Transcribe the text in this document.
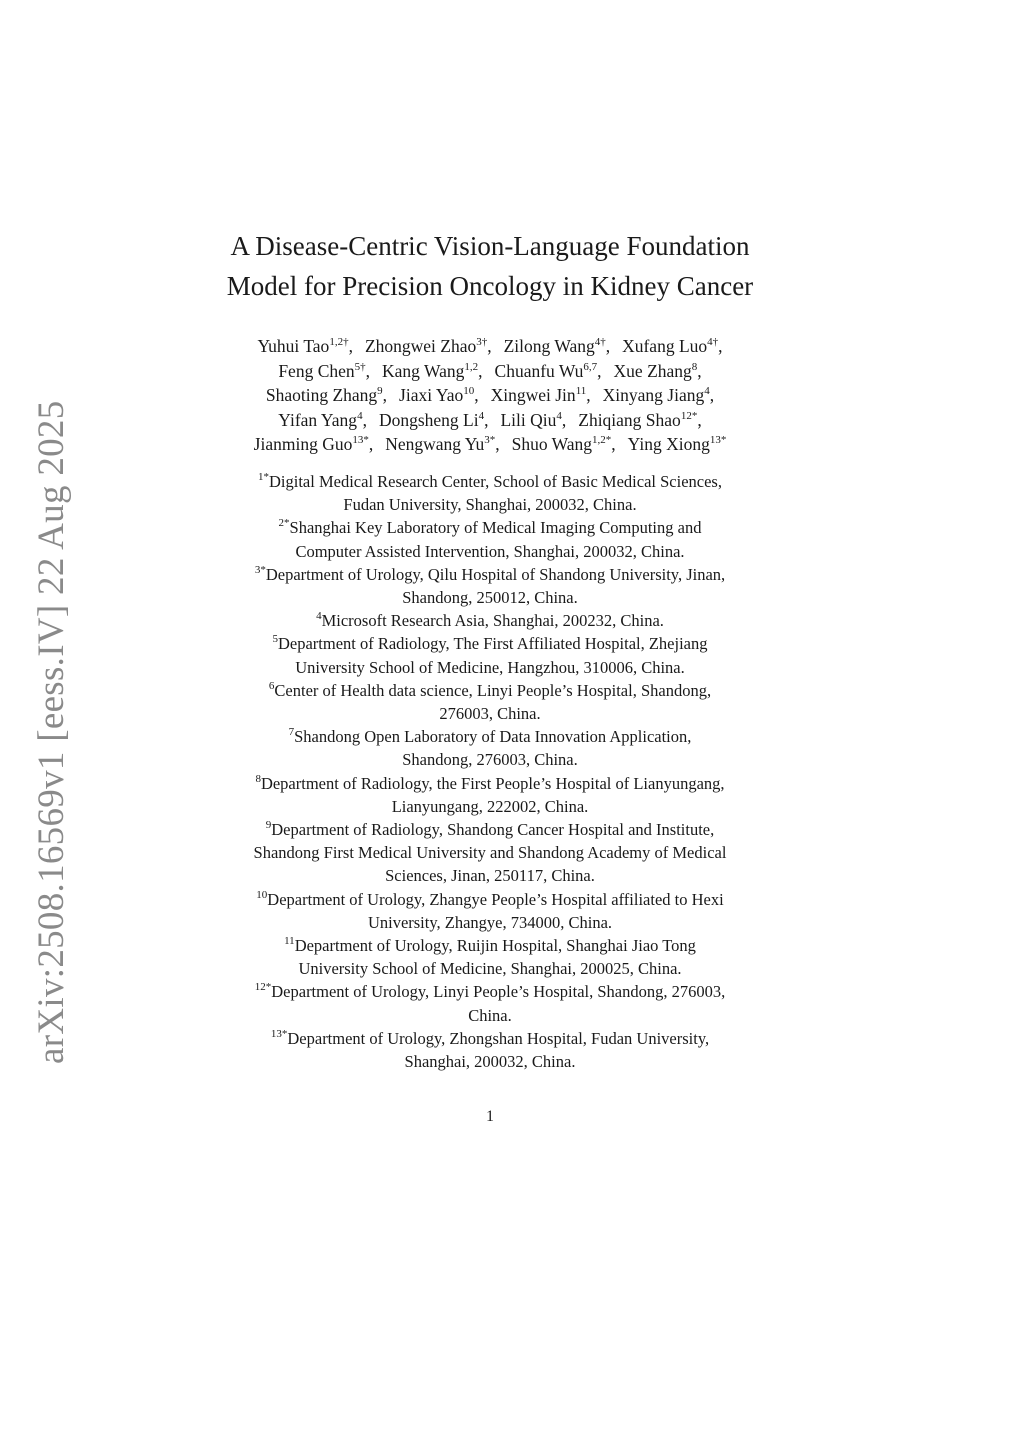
arXiv:2508.16569v1 [eess.IV] 22 Aug 2025
A Disease-Centric Vision-Language Foundation
Model for Precision Oncology in Kidney Cancer
Yuhui Tao$^{1,2\dagger}$, Zhongwei Zhao$^{3\dagger}$, Zilong Wang$^{4\dagger}$, Xufang Luo$^{4\dagger}$,
Feng Chen$^{5\dagger}$, Kang Wang$^{1,2}$, Chuanfu Wu$^{6,7}$, Xue Zhang$^8$,
Shaoting Zhang$^9$, Jiaxi Yao$^{10}$, Xingwei Jin$^{11}$, Xinyang Jiang$^4$,
Yifan Yang$^4$, Dongsheng Li$^4$, Lili Qiu$^4$, Zhiqiang Shao$^{12*}$,
Jianming Guo$^{13*}$, Nengwang $Yu^{3*}$, Shuo Wang$^{1,2*}$, Ying Xiong$^{13*}$
$^{1*}$Digital Medical Research Center, School of Basic Medical Sciences,
Fudan University, Shanghai, 200032, China.
$^{2*}$Shanghai Key Laboratory of Medical Imaging Computing and
Computer Assisted Intervention, Shanghai, 200032, China.
$^{3*}$Department of Urology, Qilu Hospital of Shandong University, Jinan,
Shandong, 250012, China.
$^4$Microsoft Research Asia, Shanghai, 200232, China.
$^5$Department of Radiology, The First Affiliated Hospital, Zhejiang
University School of Medicine, Hangzhou, 310006, China.
$^6$Center of Health data science, Linyi People’s Hospital, Shandong,
276003, China.
$^7$Shandong Open Laboratory of Data Innovation Application,
Shandong, 276003, China.
$^8$Department of Radiology, the First People’s Hospital of Lianyungang,
Lianyungang, 222002, China.
$^9$Department of Radiology, Shandong Cancer Hospital and Institute,
Shandong First Medical University and Shandong Academy of Medical
Sciences, Jinan, 250117, China.
$^{10}$Department of Urology, Zhangye People’s Hospital affiliated to Hexi
University, Zhangye, 734000, China.
$^{11}$Department of Urology, Ruijin Hospital, Shanghai Jiao Tong
University School of Medicine, Shanghai, 200025, China.
$^{12*}$Department of Urology, Linyi People’s Hospital, Shandong, 276003,
China.
$^{13*}$Department of Urology, Zhongshan Hospital, Fudan University,
Shanghai, 200032, China.
1
